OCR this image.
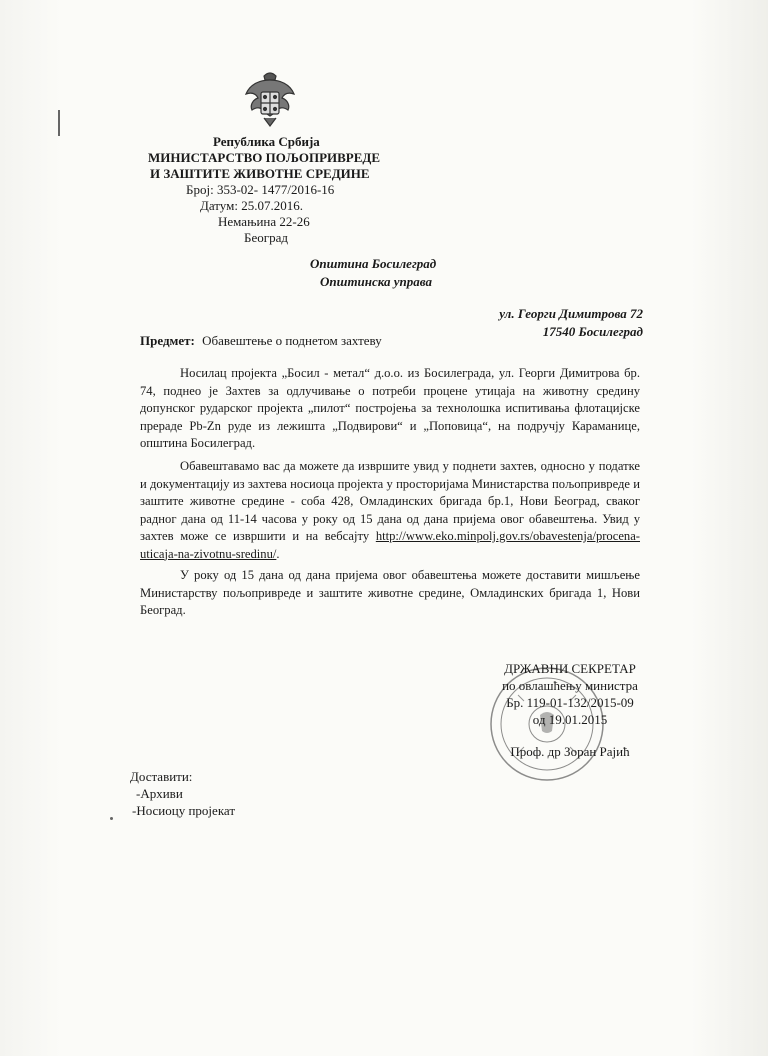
Република Србија
МИНИСТАРСТВО ПОЉОПРИВРЕДЕ
И ЗАШТИТЕ ЖИВОТНЕ СРЕДИНЕ
Број: 353-02- 1477/2016-16
Датум: 25.07.2016.
Немањина 22-26
Београд
Општина Босилеград
Општинска управа
ул. Георги Димитрова 72
17540 Босилеград
Предмет: Обавештење о поднетом захтеву
Носилац пројекта „Босил - метал“ д.о.о. из Босилеграда, ул. Георги Димитрова бр. 74, поднео је Захтев за одлучивање о потреби процене утицаја на животну средину допунског рударског пројекта „пилот“ постројења за технолошка испитивања флотацијске прераде Pb-Zn руде из лежишта „Подвирови“ и „Поповица“, на подручју Караманице, општина Босилеград.
Обавештавамо вас да можете да извршите увид у поднети захтев, односно у податке и документацију из захтева носиоца пројекта у просторијама Министарства пољопривреде и заштите животне средине - соба 428, Омладинских бригада бр.1, Нови Београд, сваког радног дана од 11-14 часова у року од 15 дана од дана пријема овог обавештења. Увид у захтев може се извршити и на вебсајту http://www.eko.minpolj.gov.rs/obavestenja/procena-uticaja-na-zivotnu-sredinu/.
У року од 15 дана од дана пријема овог обавештења можете доставити мишљење Министарству пољопривреде и заштите животне средине, Омладинских бригада 1, Нови Београд.
ДРЖАВНИ СЕКРЕТАР
по овлашћењу министра
Бр. 119-01-132/2015-09
од 19.01.2015
Проф. др Зоран Рајић
Доставити:
-Архиви
-Носиоцу пројекат
